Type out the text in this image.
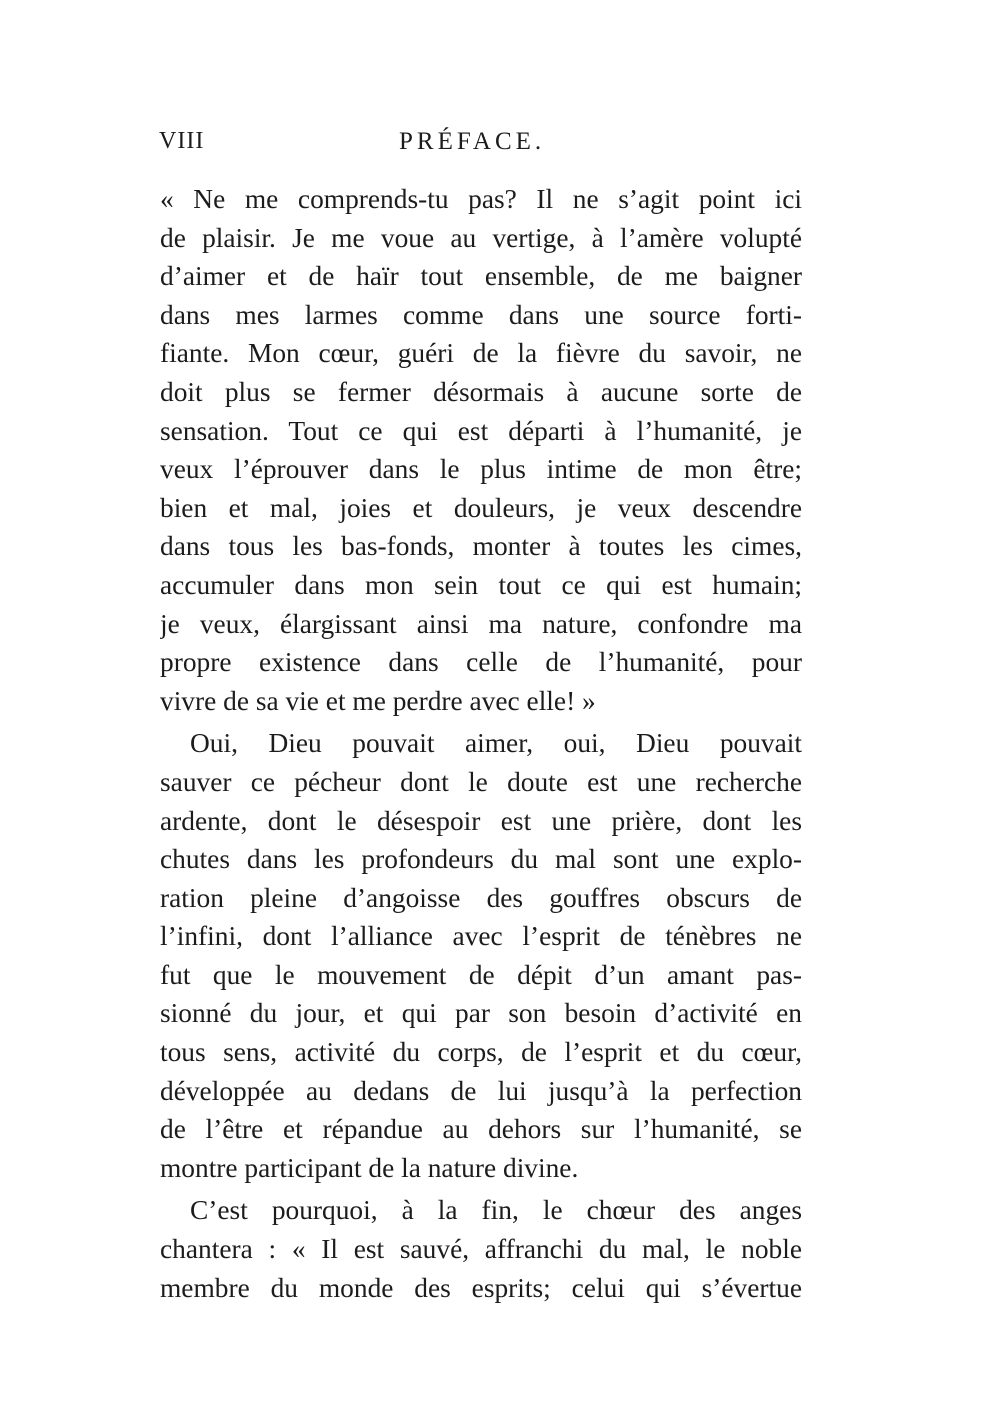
VIII	PRÉFACE.
« Ne me comprends-tu pas? Il ne s’agit point ici
de plaisir. Je me voue au vertige, à l’amère volupté
d’aimer et de haïr tout ensemble, de me baigner
dans mes larmes comme dans une source forti-
fiante. Mon cœur, guéri de la fièvre du savoir, ne
doit plus se fermer désormais à aucune sorte de
sensation. Tout ce qui est départi à l’humanité, je
veux l’éprouver dans le plus intime de mon être;
bien et mal, joies et douleurs, je veux descendre
dans tous les bas-fonds, monter à toutes les cimes,
accumuler dans mon sein tout ce qui est humain;
je veux, élargissant ainsi ma nature, confondre ma
propre existence dans celle de l’humanité, pour
vivre de sa vie et me perdre avec elle! »
Oui, Dieu pouvait aimer, oui, Dieu pouvait
sauver ce pécheur dont le doute est une recherche
ardente, dont le désespoir est une prière, dont les
chutes dans les profondeurs du mal sont une explo-
ration pleine d’angoisse des gouffres obscurs de
l’infini, dont l’alliance avec l’esprit de ténèbres ne
fut que le mouvement de dépit d’un amant pas-
sionné du jour, et qui par son besoin d’activité en
tous sens, activité du corps, de l’esprit et du cœur,
développée au dedans de lui jusqu’à la perfection
de l’être et répandue au dehors sur l’humanité, se
montre participant de la nature divine.
C’est pourquoi, à la fin, le chœur des anges
chantera : « Il est sauvé, affranchi du mal, le noble
membre du monde des esprits; celui qui s’évertue
